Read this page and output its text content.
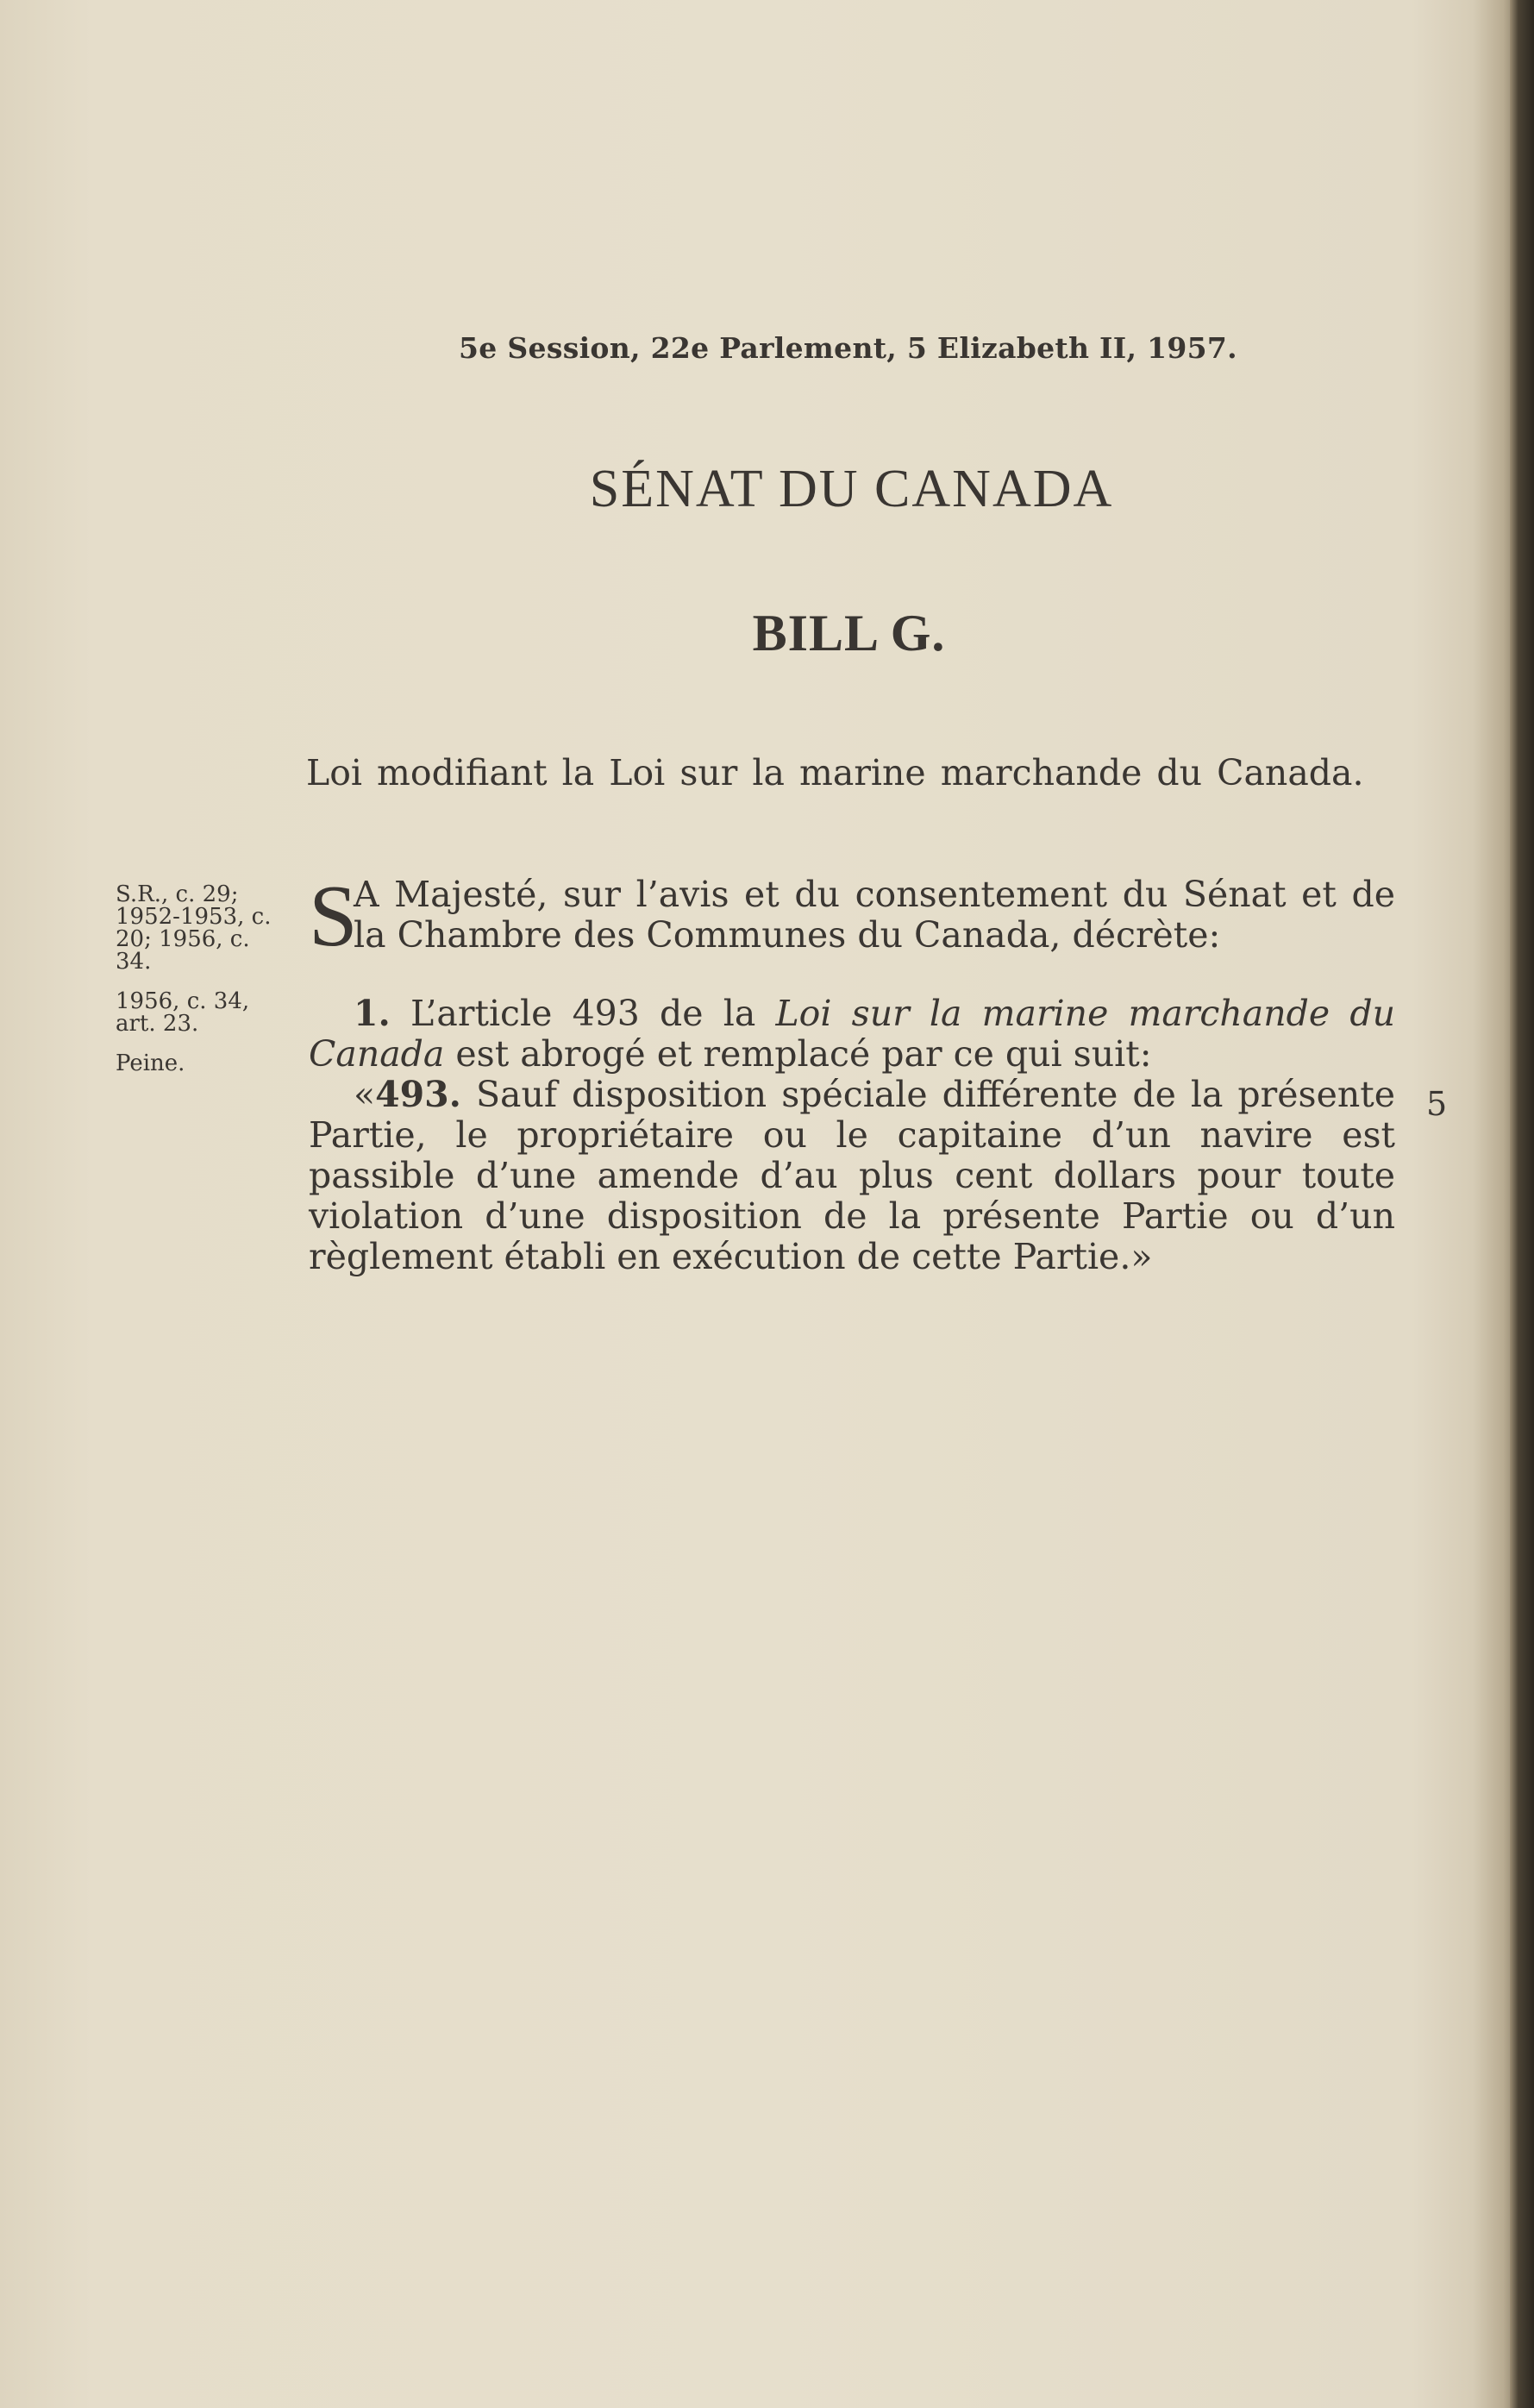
5e Session, 22e Parlement, 5 Elizabeth II, 1957.
SÉNAT DU CANADA
BILL G.
Loi modifiant la Loi sur la marine marchande du Canada.
S.R., c. 29; 1952-1953, c. 20; 1956, c. 34.
1956, c. 34, art. 23.
Peine.
S
A Majesté, sur l’avis et du consentement du Sénat et de la Chambre des Communes du Canada, décrète:
1. L’article 493 de la Loi sur la marine marchande du Canada est abrogé et remplacé par ce qui suit:
«493. Sauf disposition spéciale différente de la présente Partie, le propriétaire ou le capitaine d’un navire est passible d’une amende d’au plus cent dollars pour toute violation d’une disposition de la présente Partie ou d’un règlement établi en exécution de cette Partie.»
5
